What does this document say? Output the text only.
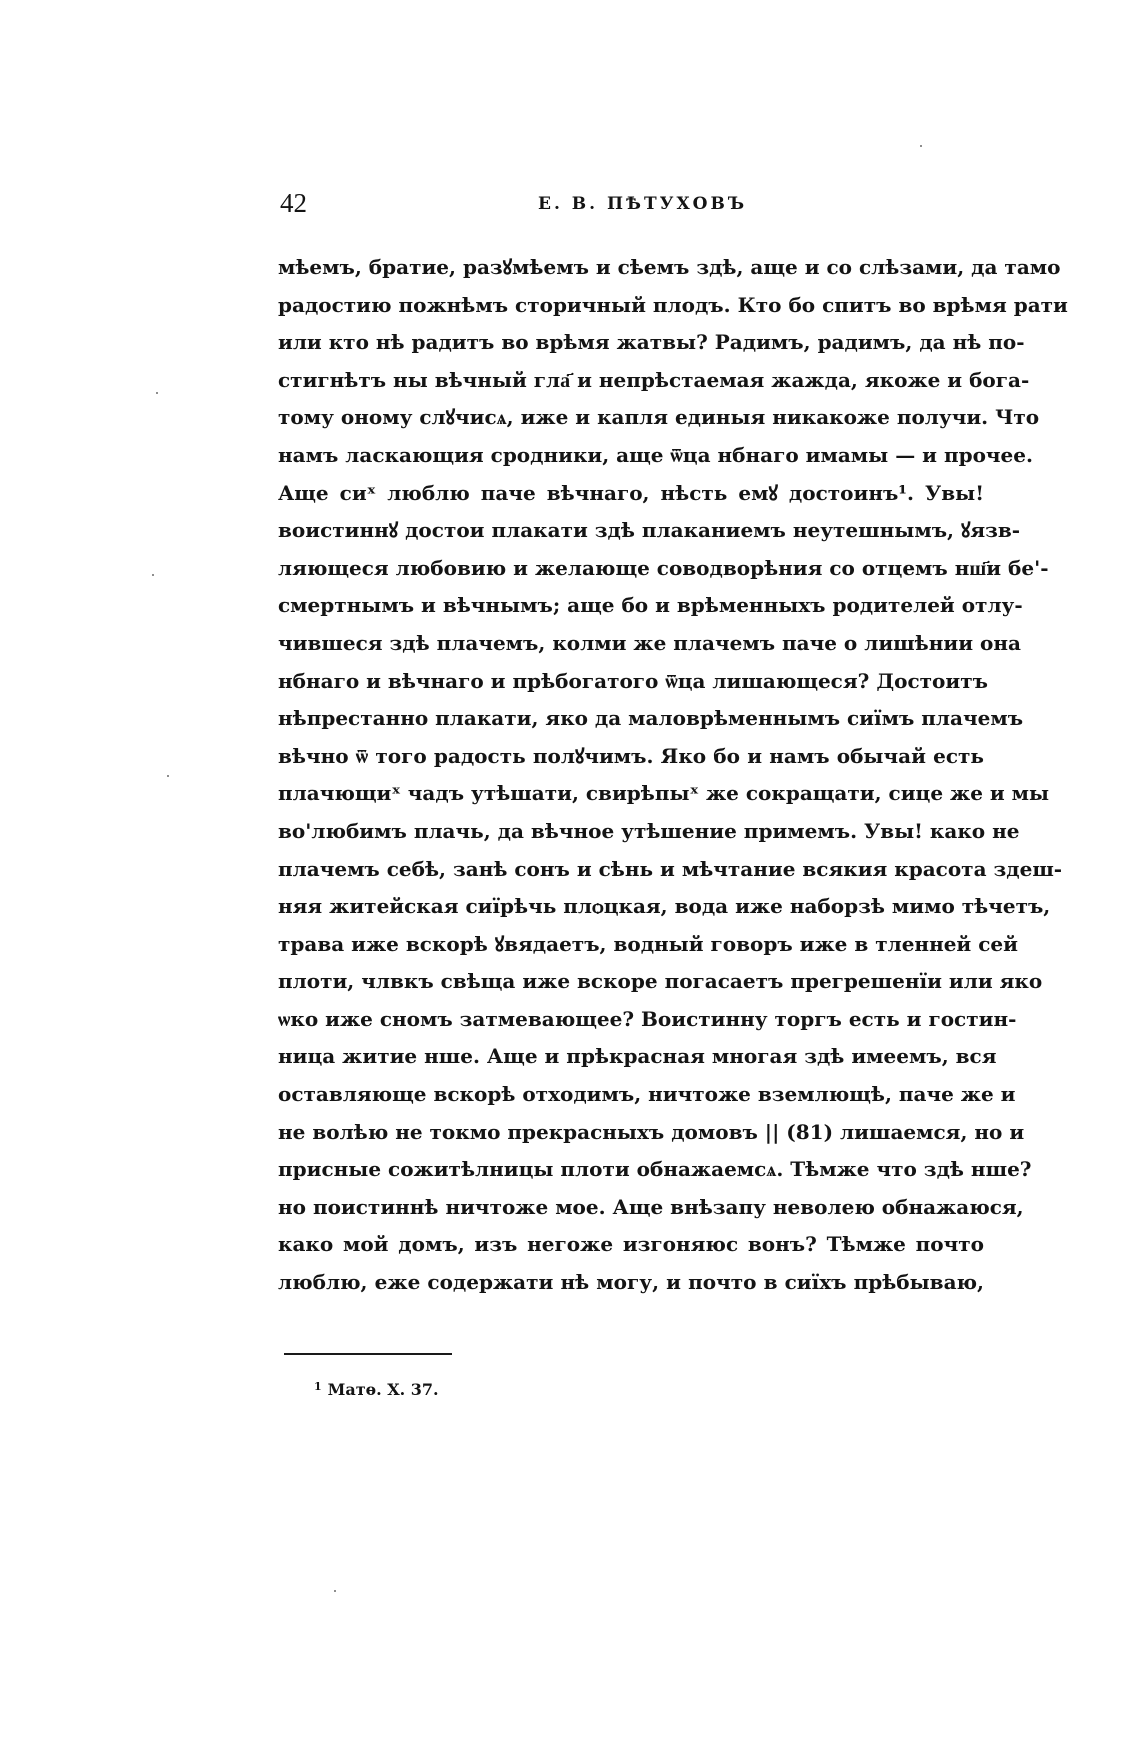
42	Е. В. ПѢТУХОВЪ
мѣемъ, братие, разꙋмѣемъ и сѣемъ здѣ, аще и со слѣзами, да тамо
радостию пожнѣмъ сторичный плодъ. Кто бо спитъ во врѣмя рати
или кто нѣ радитъ во врѣмя жатвы? Радимъ, радимъ, да нѣ по-
стигнѣтъ ны вѣчный гла҃ и непрѣстаемая жажда, якоже и бога-
тому оному слꙋчисѧ, иже и капля единыя никакоже получи. Что
намъ ласкающия сродники, аще ѿца нбнаго имамы — и прочее.
Аще сиˣ люблю паче вѣчнаго, нѣсть емꙋ достоинъ¹. Увы!
воистиннꙋ достои плакати здѣ плаканиемъ неутешнымъ, ꙋязв-
ляющеся любовию и желающе соводворѣния со отцемъ нш҃и бе'-
смертнымъ и вѣчнымъ; аще бо и врѣменныхъ родителей отлу-
чившеся здѣ плачемъ, колми же плачемъ паче о лишѣнии она
нбнаго и вѣчнаго и прѣбогатого ѿца лишающеся? Достоитъ
нѣпрестанно плакати, яко да маловрѣменнымъ сиїмъ плачемъ
вѣчно ѿ того радость полꙋчимъ. Яко бо и намъ обычай есть
плачющиˣ чадъ утѣшати, свирѣпыˣ же сокращати, сице же и мы
во'любимъ плачь, да вѣчное утѣшение примемъ. Увы! како не
плачемъ себѣ, занѣ сонъ и сѣнь и мѣчтание всякия красота здеш-
няя житейская сиїрѣчь плѻцкая, вода иже наборзѣ мимо тѣчетъ,
трава иже вскорѣ ꙋвядаетъ, водный говоръ иже в тленней сей
плоти, члвкъ свѣща иже вскоре погасаетъ прегрешенїи или яко
ѡко иже сномъ затмевающее? Воистинну торгъ есть и гостин-
ница житие нше. Аще и прѣкрасная многая здѣ имеемъ, вся
оставляюще вскорѣ отходимъ, ничтоже вземлющѣ, паче же и
не волѣю не токмо прекрасныхъ домовъ || (81) лишаемся, но и
присные сожитѣлницы плоти обнажаемсѧ. Тѣмже что здѣ нше?
но поистиннѣ ничтоже мое. Аще внѣзапу неволею обнажаюся,
како мой домъ, изъ негоже изгоняюс вонъ? Тѣмже почто
люблю, еже содержати нѣ могу, и почто в сиїхъ прѣбываю,
$^1$ Матѳ. X. 37.
